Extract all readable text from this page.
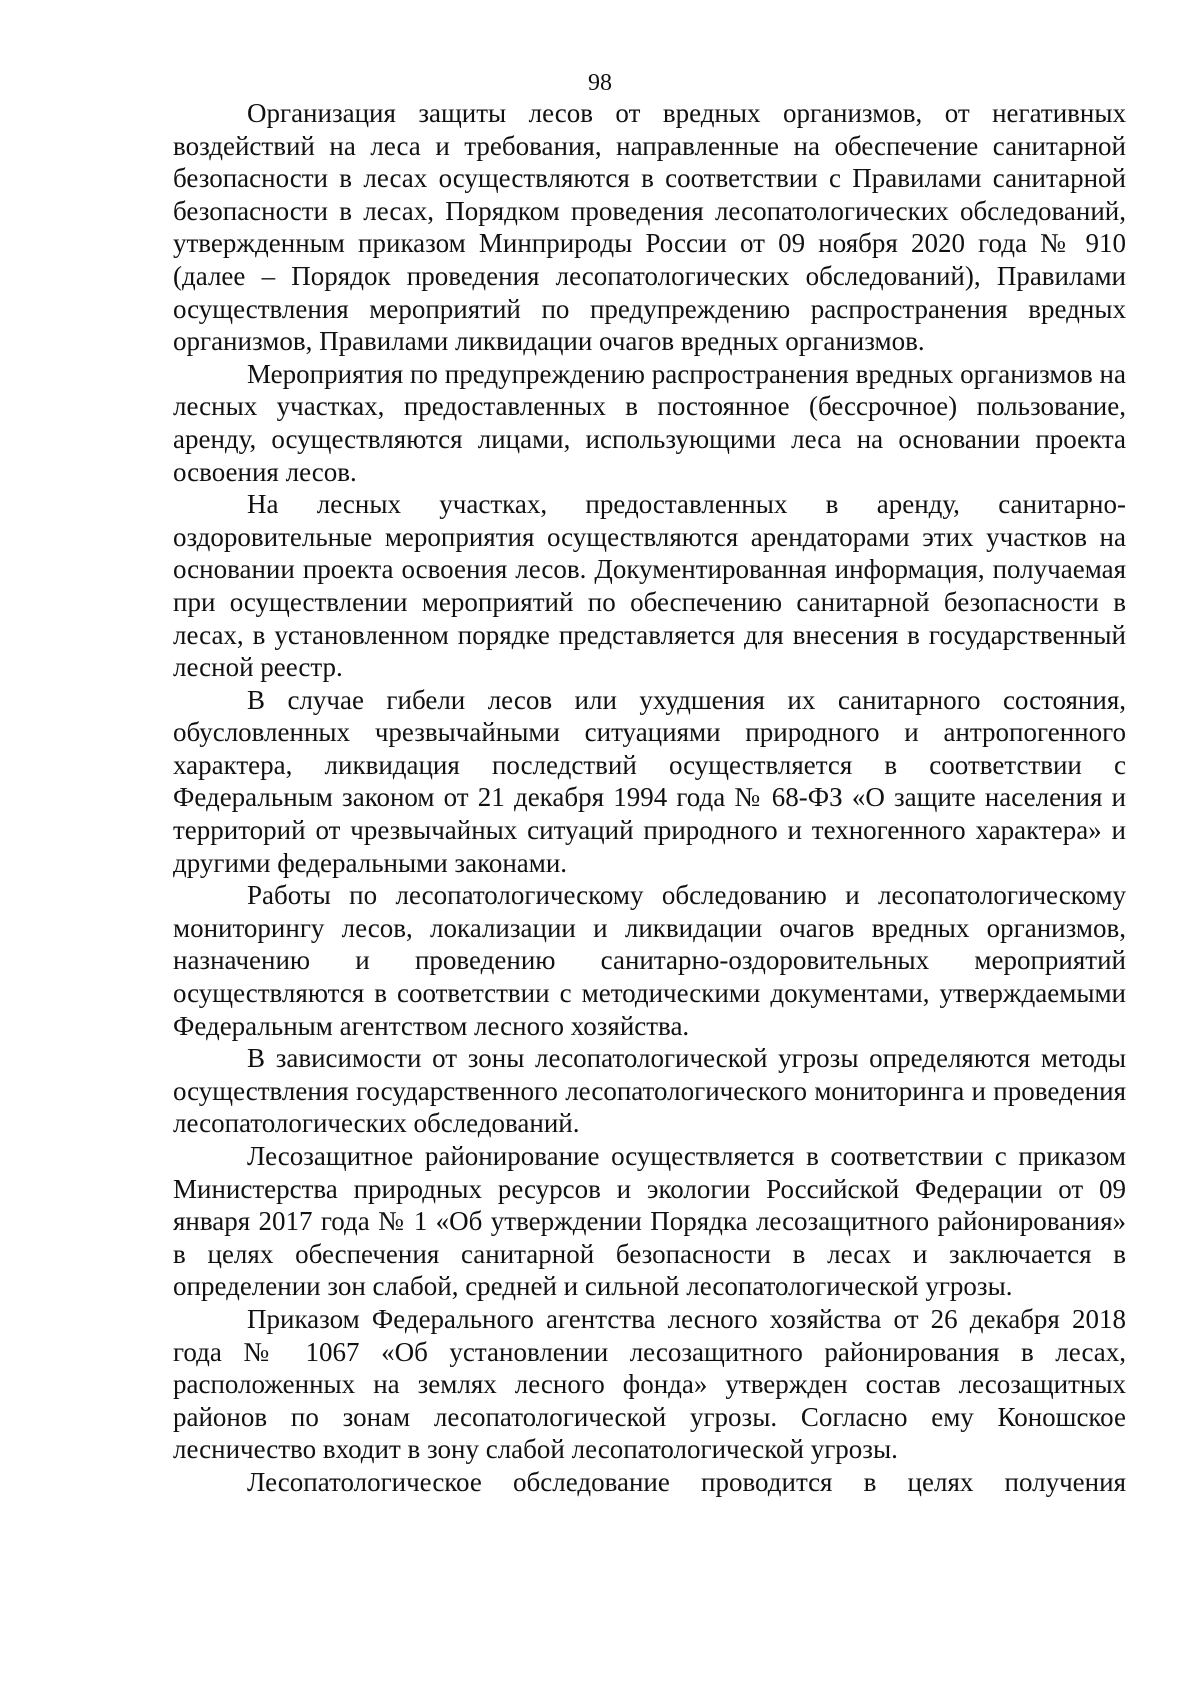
98

Организация защиты лесов от вредных организмов, от негативных воздействий на леса и требования, направленные на обеспечение санитарной безопасности в лесах осуществляются в соответствии с Правилами санитарной безопасности в лесах, Порядком проведения лесопатологических обследований, утвержденным приказом Минприроды России от 09 ноября 2020 года № 910 (далее – Порядок проведения лесопатологических обследований), Правилами осуществления мероприятий по предупреждению распространения вредных организмов, Правилами ликвидации очагов вредных организмов.

Мероприятия по предупреждению распространения вредных организмов на лесных участках, предоставленных в постоянное (бессрочное) пользование, аренду, осуществляются лицами, использующими леса на основании проекта освоения лесов.

На лесных участках, предоставленных в аренду, санитарно-оздоровительные мероприятия осуществляются арендаторами этих участков на основании проекта освоения лесов. Документированная информация, получаемая при осуществлении мероприятий по обеспечению санитарной безопасности в лесах, в установленном порядке представляется для внесения в государственный лесной реестр.

В случае гибели лесов или ухудшения их санитарного состояния, обусловленных чрезвычайными ситуациями природного и антропогенного характера, ликвидация последствий осуществляется в соответствии с Федеральным законом от 21 декабря 1994 года № 68-ФЗ «О защите населения и территорий от чрезвычайных ситуаций природного и техногенного характера» и другими федеральными законами.

Работы по лесопатологическому обследованию и лесопатологическому мониторингу лесов, локализации и ликвидации очагов вредных организмов, назначению и проведению санитарно-оздоровительных мероприятий осуществляются в соответствии с методическими документами, утверждаемыми Федеральным агентством лесного хозяйства.

В зависимости от зоны лесопатологической угрозы определяются методы осуществления государственного лесопатологического мониторинга и проведения лесопатологических обследований.

Лесозащитное районирование осуществляется в соответствии с приказом Министерства природных ресурсов и экологии Российской Федерации от 09 января 2017 года № 1 «Об утверждении Порядка лесозащитного районирования» в целях обеспечения санитарной безопасности в лесах и заключается в определении зон слабой, средней и сильной лесопатологической угрозы.

Приказом Федерального агентства лесного хозяйства от 26 декабря 2018 года № 1067 «Об установлении лесозащитного районирования в лесах, расположенных на землях лесного фонда» утвержден состав лесозащитных районов по зонам лесопатологической угрозы. Согласно ему Коношское лесничество входит в зону слабой лесопатологической угрозы.

Лесопатологическое обследование проводится в целях получения
